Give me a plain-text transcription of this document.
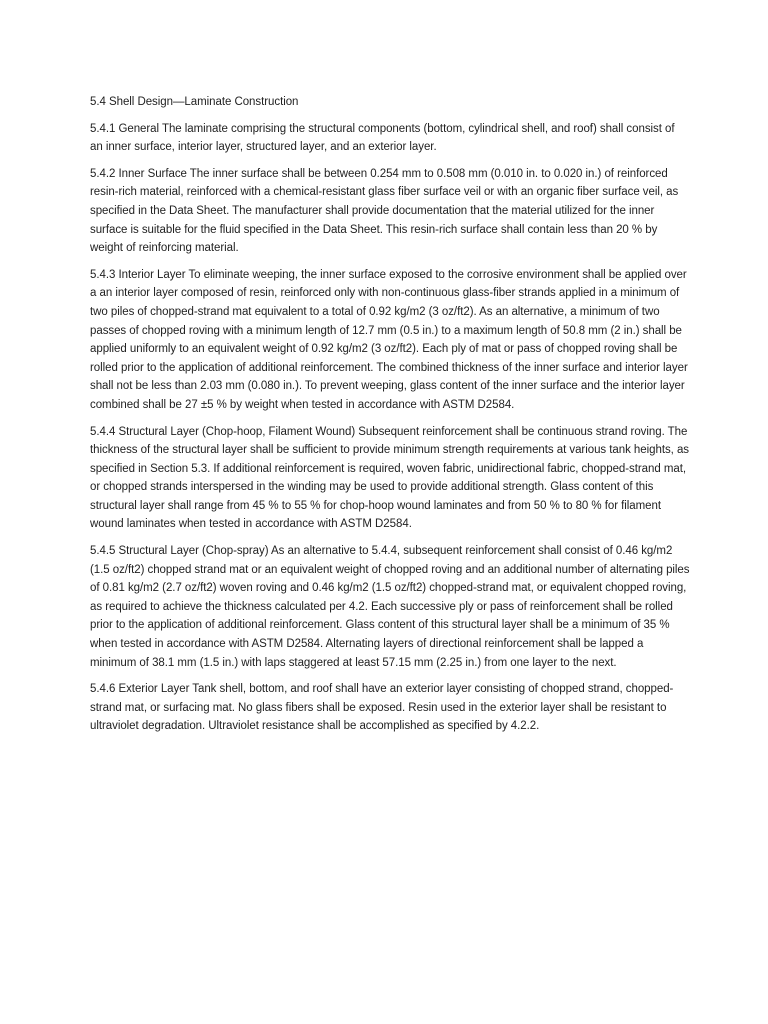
5.4 Shell Design—Laminate Construction

5.4.1 General The laminate comprising the structural components (bottom, cylindrical shell, and roof) shall consist of an inner surface, interior layer, structured layer, and an exterior layer.

5.4.2 Inner Surface The inner surface shall be between 0.254 mm to 0.508 mm (0.010 in. to 0.020 in.) of reinforced resin-rich material, reinforced with a chemical-resistant glass fiber surface veil or with an organic fiber surface veil, as specified in the Data Sheet. The manufacturer shall provide documentation that the material utilized for the inner surface is suitable for the fluid specified in the Data Sheet. This resin-rich surface shall contain less than 20 % by weight of reinforcing material.

5.4.3 Interior Layer To eliminate weeping, the inner surface exposed to the corrosive environment shall be applied over a an interior layer composed of resin, reinforced only with non-continuous glass-fiber strands applied in a minimum of two piles of chopped-strand mat equivalent to a total of 0.92 kg/m2 (3 oz/ft2). As an alternative, a minimum of two passes of chopped roving with a minimum length of 12.7 mm (0.5 in.) to a maximum length of 50.8 mm (2 in.) shall be applied uniformly to an equivalent weight of 0.92 kg/m2 (3 oz/ft2). Each ply of mat or pass of chopped roving shall be rolled prior to the application of additional reinforcement. The combined thickness of the inner surface and interior layer shall not be less than 2.03 mm (0.080 in.). To prevent weeping, glass content of the inner surface and the interior layer combined shall be 27 ±5 % by weight when tested in accordance with ASTM D2584.

5.4.4 Structural Layer (Chop-hoop, Filament Wound) Subsequent reinforcement shall be continuous strand roving. The thickness of the structural layer shall be sufficient to provide minimum strength requirements at various tank heights, as specified in Section 5.3. If additional reinforcement is required, woven fabric, unidirectional fabric, chopped-strand mat, or chopped strands interspersed in the winding may be used to provide additional strength. Glass content of this structural layer shall range from 45 % to 55 % for chop-hoop wound laminates and from 50 % to 80 % for filament wound laminates when tested in accordance with ASTM D2584.

5.4.5 Structural Layer (Chop-spray) As an alternative to 5.4.4, subsequent reinforcement shall consist of 0.46 kg/m2 (1.5 oz/ft2) chopped strand mat or an equivalent weight of chopped roving and an additional number of alternating piles of 0.81 kg/m2 (2.7 oz/ft2) woven roving and 0.46 kg/m2 (1.5 oz/ft2) chopped-strand mat, or equivalent chopped roving, as required to achieve the thickness calculated per 4.2. Each successive ply or pass of reinforcement shall be rolled prior to the application of additional reinforcement. Glass content of this structural layer shall be a minimum of 35 % when tested in accordance with ASTM D2584. Alternating layers of directional reinforcement shall be lapped a minimum of 38.1 mm (1.5 in.) with laps staggered at least 57.15 mm (2.25 in.) from one layer to the next.

5.4.6 Exterior Layer Tank shell, bottom, and roof shall have an exterior layer consisting of chopped strand, chopped-strand mat, or surfacing mat. No glass fibers shall be exposed. Resin used in the exterior layer shall be resistant to ultraviolet degradation. Ultraviolet resistance shall be accomplished as specified by 4.2.2.
